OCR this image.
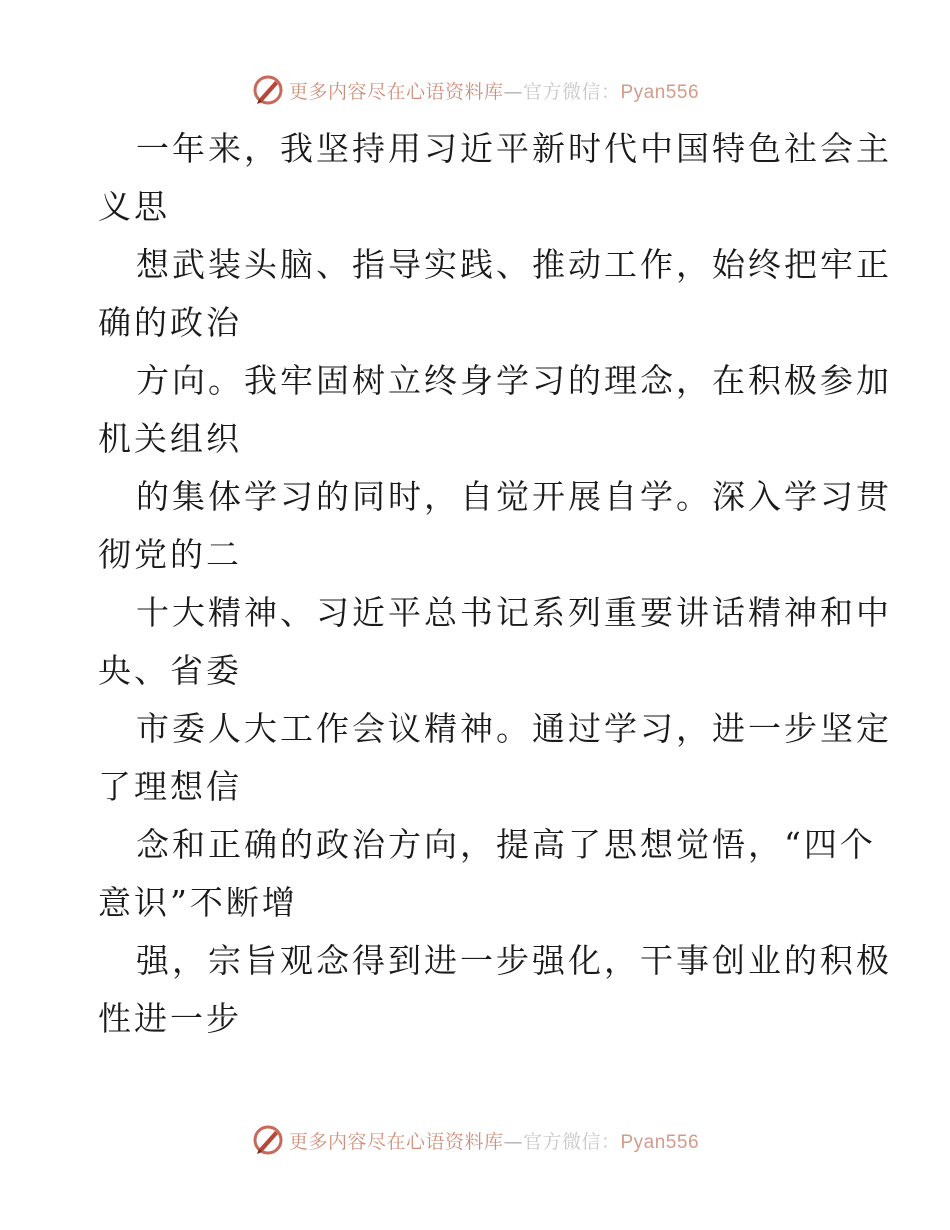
更多内容尽在心语资料库—官方微信：Pyan556
一年来，我坚持用习近平新时代中国特色社会主
义思
想武装头脑、指导实践、推动工作，始终把牢正
确的政治
方向。我牢固树立终身学习的理念，在积极参加
机关组织
的集体学习的同时，自觉开展自学。深入学习贯
彻党的二
十大精神、习近平总书记系列重要讲话精神和中
央、省委
市委人大工作会议精神。通过学习，进一步坚定
了理想信
念和正确的政治方向，提高了思想觉悟，“四个
意识”不断增
强，宗旨观念得到进一步强化，干事创业的积极
性进一步
更多内容尽在心语资料库—官方微信：Pyan556
